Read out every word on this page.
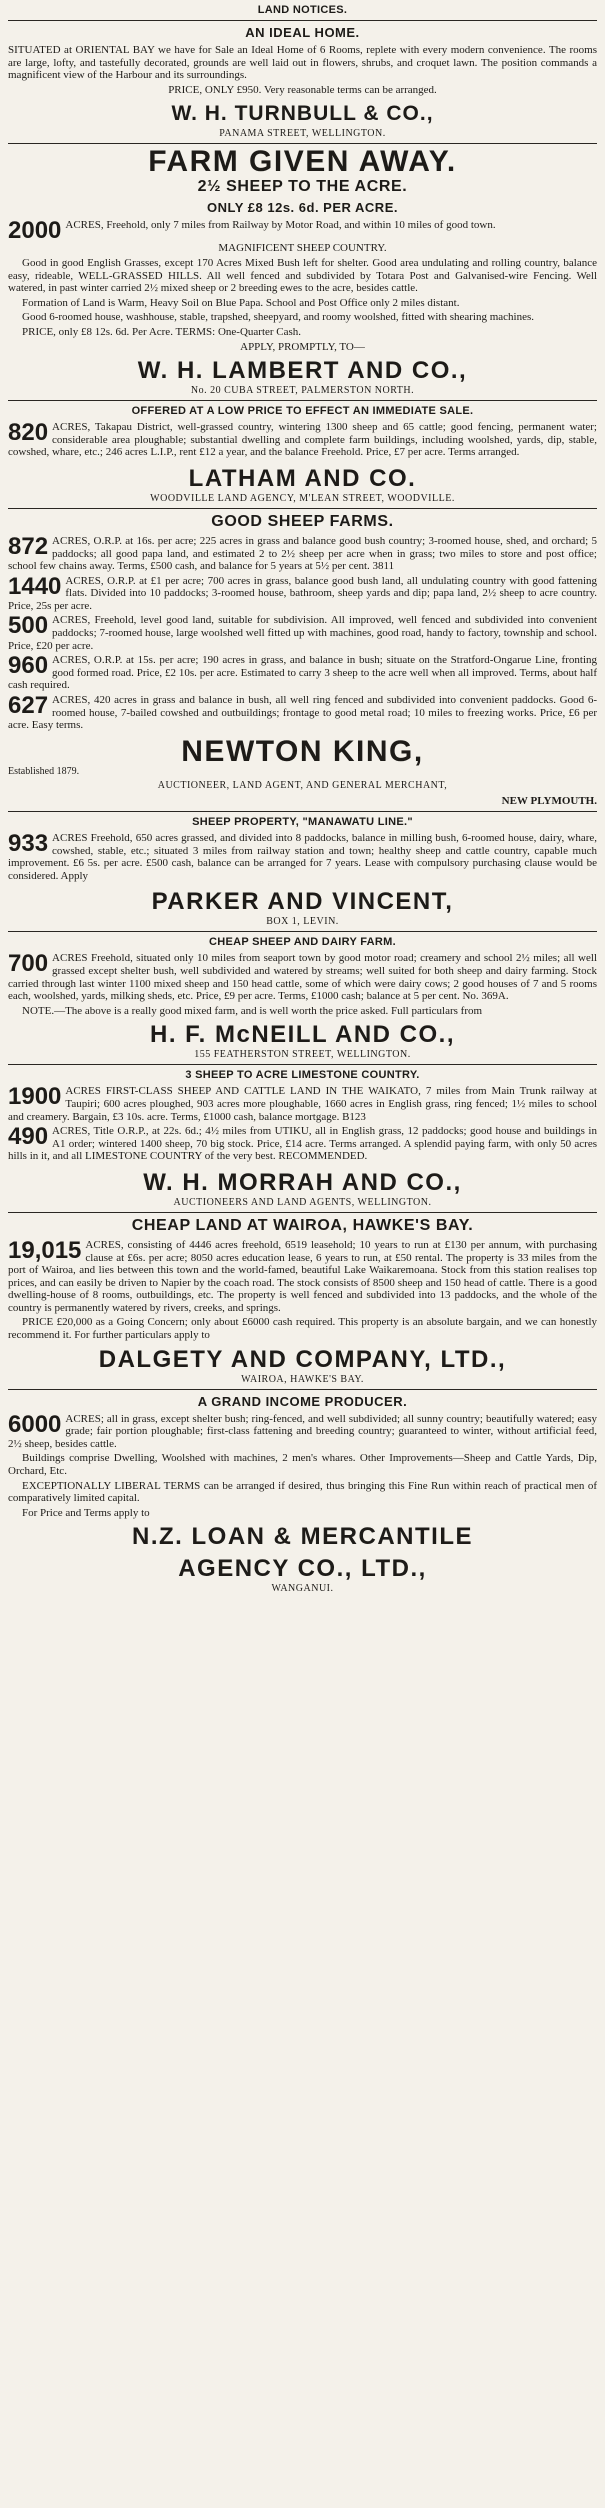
LAND NOTICES.
AN IDEAL HOME.

SITUATED at ORIENTAL BAY we have for Sale an Ideal Home of 6 Rooms, replete with every modern convenience. The rooms are large, lofty, and tastefully decorated, grounds are well laid out in flowers, shrubs, and croquet lawn. The position commands a magnificent view of the Harbour and its surroundings.

PRICE, ONLY £950. Very reasonable terms can be arranged.

W. H. TURNBULL & CO.,
PANAMA STREET, WELLINGTON.
FARM GIVEN AWAY.
2½ SHEEP TO THE ACRE.
ONLY £8 12s. 6d. PER ACRE.

2000 ACRES, Freehold, only 7 miles from Railway by Motor Road, and within 10 miles of good town.

MAGNIFICENT SHEEP COUNTRY.

Good in good English Grasses, except 170 Acres Mixed Bush left for shelter. Good area undulating and rolling country, balance easy, rideable, WELL-GRASSED HILLS. All well fenced and subdivided by Totara Post and Galvanised-wire Fencing. Well watered, in past winter carried 2½ mixed sheep or 2 breeding ewes to the acre, besides cattle.

Formation of Land is Warm, Heavy Soil on Blue Papa. School and Post Office only 2 miles distant.

Good 6-roomed house, washhouse, stable, trapshed, sheepyard, and roomy woolshed, fitted with shearing machines.

PRICE, only £8 12s. 6d. Per Acre. TERMS: One-Quarter Cash.

APPLY, PROMPTLY, TO—
W. H. LAMBERT AND CO.,
No. 20 CUBA STREET, PALMERSTON NORTH.
OFFERED AT A LOW PRICE TO EFFECT AN IMMEDIATE SALE.

820 ACRES, Takapau District, well-grassed country, wintering 1300 sheep and 65 cattle; good fencing, permanent water; considerable area ploughable; substantial dwelling and complete farm buildings, including woolshed, yards, dip, stable, cowshed, whare, etc.; 246 acres L.I.P., rent £12 a year, and the balance Freehold. Price, £7 per acre. Terms arranged.

LATHAM AND CO.
WOODVILLE LAND AGENCY, M'LEAN STREET, WOODVILLE.
GOOD SHEEP FARMS.

872 ACRES, O.R.P. at 16s. per acre; 225 acres in grass and balance good bush country; 3-roomed house, shed, and orchard; 5 paddocks; all good papa land, and estimated 2 to 2½ sheep per acre when in grass; two miles to store and post office; school few chains away. Terms, £500 cash, and balance for 5 years at 5½ per cent. 3811

1440 ACRES, O.R.P. at £1 per acre; 700 acres in grass, balance good bush land, all undulating country with good fattening flats. Divided into 10 paddocks; 3-roomed house, bathroom, sheep yards and dip; papa land, 2½ sheep to acre country. Price, 25s per acre.

500 ACRES, Freehold, level good land, suitable for subdivision. All improved, well fenced and subdivided into convenient paddocks; 7-roomed house, large woolshed well fitted up with machines, good road, handy to factory, township and school. Price, £20 per acre.

960 ACRES, O.R.P. at 15s. per acre; 190 acres in grass, and balance in bush; situate on the Stratford-Ongarue Line, fronting good formed road. Price, £2 10s. per acre. Estimated to carry 3 sheep to the acre well when all improved. Terms, about half cash required.

627 ACRES, 420 acres in grass and balance in bush, all well ring fenced and subdivided into convenient paddocks. Good 6-roomed house, 7-bailed cowshed and outbuildings; frontage to good metal road; 10 miles to freezing works. Price, £6 per acre. Easy terms.

NEWTON KING,
Established 1879.
AUCTIONEER, LAND AGENT, AND GENERAL MERCHANT,
NEW PLYMOUTH.
SHEEP PROPERTY, "MANAWATU LINE."

933 ACRES Freehold, 650 acres grassed, and divided into 8 paddocks, balance in milling bush, 6-roomed house, dairy, whare, cowshed, stable, etc.; situated 3 miles from railway station and town; healthy sheep and cattle country, capable much improvement. £6 5s. per acre. £500 cash, balance can be arranged for 7 years. Lease with compulsory purchasing clause would be considered. Apply

PARKER AND VINCENT,
BOX 1, LEVIN.
CHEAP SHEEP AND DAIRY FARM.

700 ACRES Freehold, situated only 10 miles from seaport town by good motor road; creamery and school 2½ miles; all well grassed except shelter bush, well subdivided and watered by streams; well suited for both sheep and dairy farming. Stock carried through last winter 1100 mixed sheep and 150 head cattle, some of which were dairy cows; 2 good houses of 7 and 5 rooms each, woolshed, yards, milking sheds, etc. Price, £9 per acre. Terms, £1000 cash; balance at 5 per cent. No. 369A.

NOTE.—The above is a really good mixed farm, and is well worth the price asked. Full particulars from

H. F. McNEILL AND CO.,
155 FEATHERSTON STREET, WELLINGTON.
3 SHEEP TO ACRE LIMESTONE COUNTRY.

1900 ACRES FIRST-CLASS SHEEP AND CATTLE LAND IN THE WAIKATO, 7 miles from Main Trunk railway at Taupiri; 600 acres ploughed, 903 acres more ploughable, 1660 acres in English grass, ring fenced; 1½ miles to school and creamery. Bargain, £3 10s. acre. Terms, £1000 cash, balance mortgage. B123

490 ACRES, Title O.R.P., at 22s. 6d.; 4½ miles from UTIKU, all in English grass, 12 paddocks; good house and buildings in A1 order; wintered 1400 sheep, 70 big stock. Price, £14 acre. Terms arranged. A splendid paying farm, with only 50 acres hills in it, and all LIMESTONE COUNTRY of the very best. RECOMMENDED.

W. H. MORRAH AND CO.,
AUCTIONEERS AND LAND AGENTS, WELLINGTON.
CHEAP LAND AT WAIROA, HAWKE'S BAY.

19,015 ACRES, consisting of 4446 acres freehold, 6519 leasehold; 10 years to run at £130 per annum, with purchasing clause at £6s. per acre; 8050 acres education lease, 6 years to run, at £50 rental. The property is 33 miles from the port of Wairoa, and lies between this town and the world-famed, beautiful Lake Waikaremoana. Stock from this station realises top prices, and can easily be driven to Napier by the coach road. The stock consists of 8500 sheep and 150 head of cattle. There is a good dwelling-house of 8 rooms, outbuildings, etc. The property is well fenced and subdivided into 13 paddocks, and the whole of the country is permanently watered by rivers, creeks, and springs.

PRICE £20,000 as a Going Concern; only about £6000 cash required. This property is an absolute bargain, and we can honestly recommend it. For further particulars apply to

DALGETY AND COMPANY, LTD.,
WAIROA, HAWKE'S BAY.
A GRAND INCOME PRODUCER.

6000 ACRES; all in grass, except shelter bush; ring-fenced, and well subdivided; all sunny country; beautifully watered; easy grade; fair portion ploughable; first-class fattening and breeding country; guaranteed to winter, without artificial feed, 2½ sheep, besides cattle.

Buildings comprise Dwelling, Woolshed with machines, 2 men's whares. Other Improvements—Sheep and Cattle Yards, Dip, Orchard, Etc.

EXCEPTIONALLY LIBERAL TERMS can be arranged if desired, thus bringing this Fine Run within reach of practical men of comparatively limited capital.

For Price and Terms apply to

N.Z. LOAN & MERCANTILE
AGENCY CO., LTD.,
WANGANUI.
